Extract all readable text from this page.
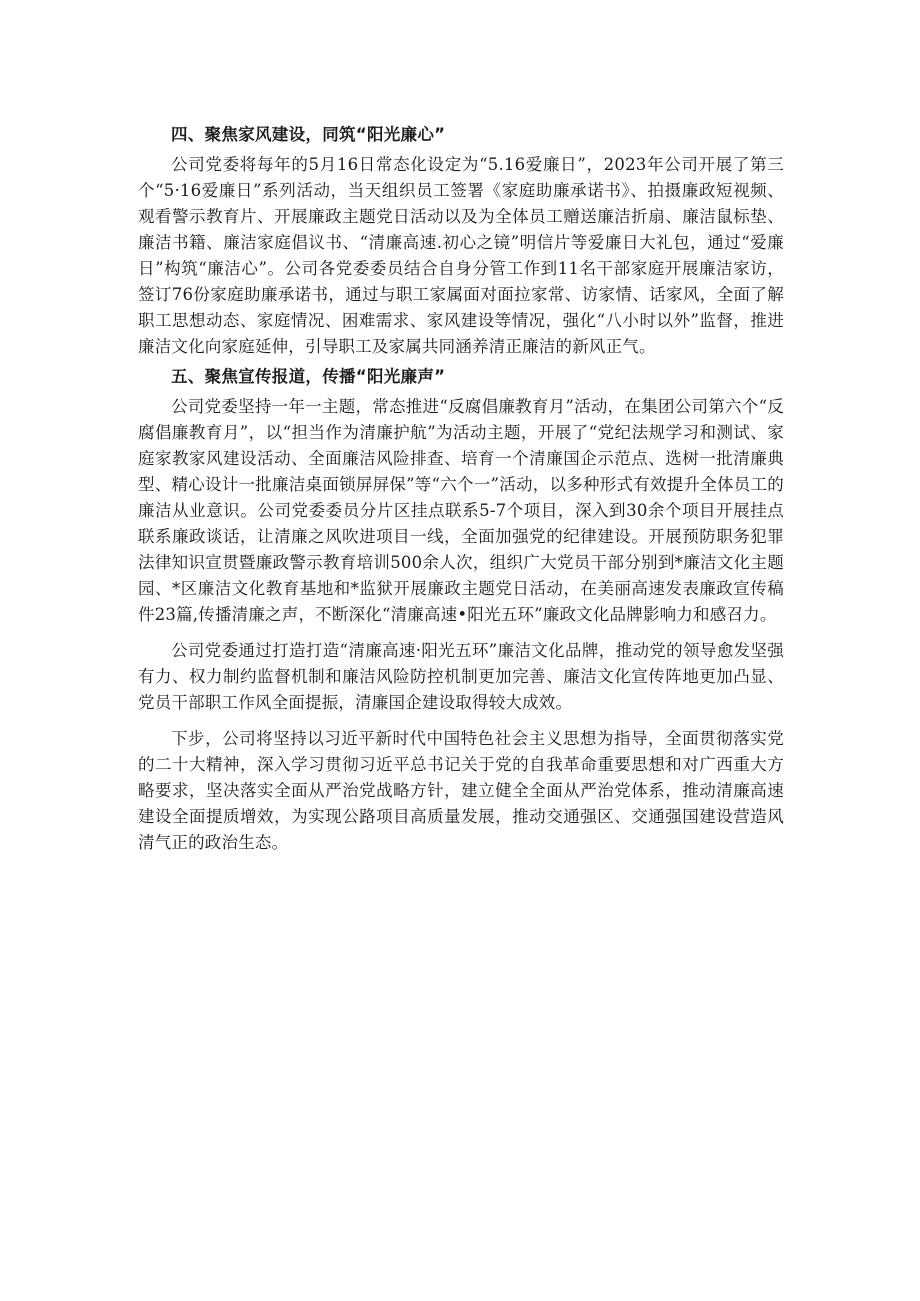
四、聚焦家风建设，同筑“阳光廉心”

公司党委将每年的5月16日常态化设定为“5.16爱廉日”，2023年公司开展了第三个“5·16爱廉日”系列活动，当天组织员工签署《家庭助廉承诺书》、拍摄廉政短视频、观看警示教育片、开展廉政主题党日活动以及为全体员工赠送廉洁折扇、廉洁鼠标垫、廉洁书籍、廉洁家庭倡议书、“清廉高速.初心之镜”明信片等爱廉日大礼包，通过“爱廉日”构筑“廉洁心”。公司各党委委员结合自身分管工作到11名干部家庭开展廉洁家访，签订76份家庭助廉承诺书，通过与职工家属面对面拉家常、访家情、话家风，全面了解职工思想动态、家庭情况、困难需求、家风建设等情况，强化“八小时以外”监督，推进廉洁文化向家庭延伸，引导职工及家属共同涵养清正廉洁的新风正气。

五、聚焦宣传报道，传播“阳光廉声”

公司党委坚持一年一主题，常态推进“反腐倡廉教育月”活动，在集团公司第六个“反腐倡廉教育月”，以“担当作为清廉护航”为活动主题，开展了“党纪法规学习和测试、家庭家教家风建设活动、全面廉洁风险排查、培育一个清廉国企示范点、选树一批清廉典型、精心设计一批廉洁桌面锁屏屏保”等“六个一”活动，以多种形式有效提升全体员工的廉洁从业意识。公司党委委员分片区挂点联系5-7个项目，深入到30余个项目开展挂点联系廉政谈话，让清廉之风吹进项目一线，全面加强党的纪律建设。开展预防职务犯罪法律知识宣贯暨廉政警示教育培训500余人次，组织广大党员干部分别到*廉洁文化主题园、*区廉洁文化教育基地和*监狱开展廉政主题党日活动，在美丽高速发表廉政宣传稿件23篇,传播清廉之声，不断深化“清廉高速•阳光五环”廉政文化品牌影响力和感召力。

公司党委通过打造打造“清廉高速·阳光五环”廉洁文化品牌，推动党的领导愈发坚强有力、权力制约监督机制和廉洁风险防控机制更加完善、廉洁文化宣传阵地更加凸显、党员干部职工作风全面提振，清廉国企建设取得较大成效。

下步，公司将坚持以习近平新时代中国特色社会主义思想为指导，全面贯彻落实党的二十大精神，深入学习贯彻习近平总书记关于党的自我革命重要思想和对广西重大方略要求，坚决落实全面从严治党战略方针，建立健全全面从严治党体系，推动清廉高速建设全面提质增效，为实现公路项目高质量发展，推动交通强区、交通强国建设营造风清气正的政治生态。
